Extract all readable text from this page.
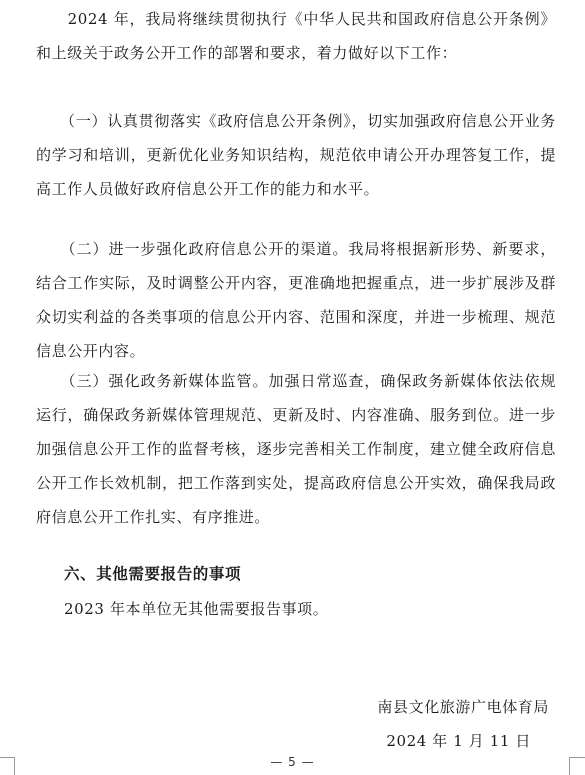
　　2024 年，我局将继续贯彻执行《中华人民共和国政府信息公开条例》和上级关于政务公开工作的部署和要求，着力做好以下工作：

　　（一）认真贯彻落实《政府信息公开条例》，切实加强政府信息公开业务的学习和培训，更新优化业务知识结构，规范依申请公开办理答复工作，提高工作人员做好政府信息公开工作的能力和水平。

　　（二）进一步强化政府信息公开的渠道。我局将根据新形势、新要求，结合工作实际，及时调整公开内容，更准确地把握重点，进一步扩展涉及群众切实利益的各类事项的信息公开内容、范围和深度，并进一步梳理、规范信息公开内容。

　　（三）强化政务新媒体监管。加强日常巡查，确保政务新媒体依法依规运行，确保政务新媒体管理规范、更新及时、内容准确、服务到位。进一步加强信息公开工作的监督考核，逐步完善相关工作制度，建立健全政府信息公开工作长效机制，把工作落到实处，提高政府信息公开实效，确保我局政府信息公开工作扎实、有序推进。

六、其他需要报告的事项

2023 年本单位无其他需要报告事项。

南县文化旅游广电体育局
2024 年 1 月 11 日
— 5 —
